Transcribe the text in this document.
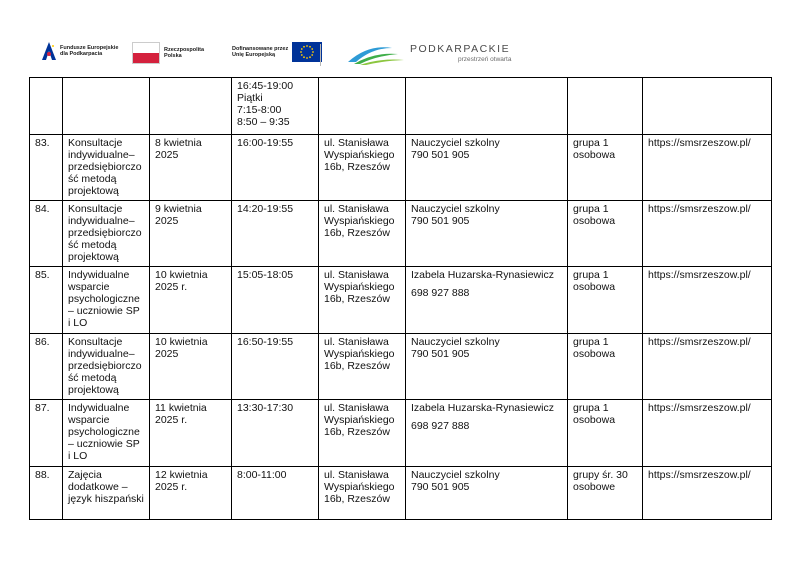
Fundusze Europejskie
dla Podkarpacia
Rzeczpospolita
Polska
Dofinansowane przez
Unię Europejską	PODKARPACKIE
przestrzeń otwarta

			16:45-19:00
Piątki
7:15-8:00
8:50 – 9:35				

83.	Konsultacje
indywidualne–
przedsiębiorczo
ść metodą
projektową	8 kwietnia
2025	16:00-19:55	ul. Stanisława
Wyspiańskiego
16b, Rzeszów	Nauczyciel szkolny
790 501 905	grupa 1
osobowa	https://smsrzeszow.pl/

84.	Konsultacje
indywidualne–
przedsiębiorczo
ść metodą
projektową	9 kwietnia
2025	14:20-19:55	ul. Stanisława
Wyspiańskiego
16b, Rzeszów	Nauczyciel szkolny
790 501 905	grupa 1
osobowa	https://smsrzeszow.pl/

85.	Indywidualne
wsparcie
psychologiczne
– uczniowie SP
i LO	10 kwietnia
2025 r.	15:05-18:05	ul. Stanisława
Wyspiańskiego
16b, Rzeszów	Izabela Huzarska-Rynasiewicz
698 927 888	grupa 1
osobowa	https://smsrzeszow.pl/

86.	Konsultacje
indywidualne–
przedsiębiorczo
ść metodą
projektową	10 kwietnia
2025	16:50-19:55	ul. Stanisława
Wyspiańskiego
16b, Rzeszów	Nauczyciel szkolny
790 501 905	grupa 1
osobowa	https://smsrzeszow.pl/

87.	Indywidualne
wsparcie
psychologiczne
– uczniowie SP
i LO	11 kwietnia
2025 r.	13:30-17:30	ul. Stanisława
Wyspiańskiego
16b, Rzeszów	Izabela Huzarska-Rynasiewicz
698 927 888	grupa 1
osobowa	https://smsrzeszow.pl/

88.	Zajęcia
dodatkowe –
język hiszpański	12 kwietnia
2025 r.	8:00-11:00	ul. Stanisława
Wyspiańskiego
16b, Rzeszów	Nauczyciel szkolny
790 501 905	grupy śr. 30
osobowe	https://smsrzeszow.pl/
